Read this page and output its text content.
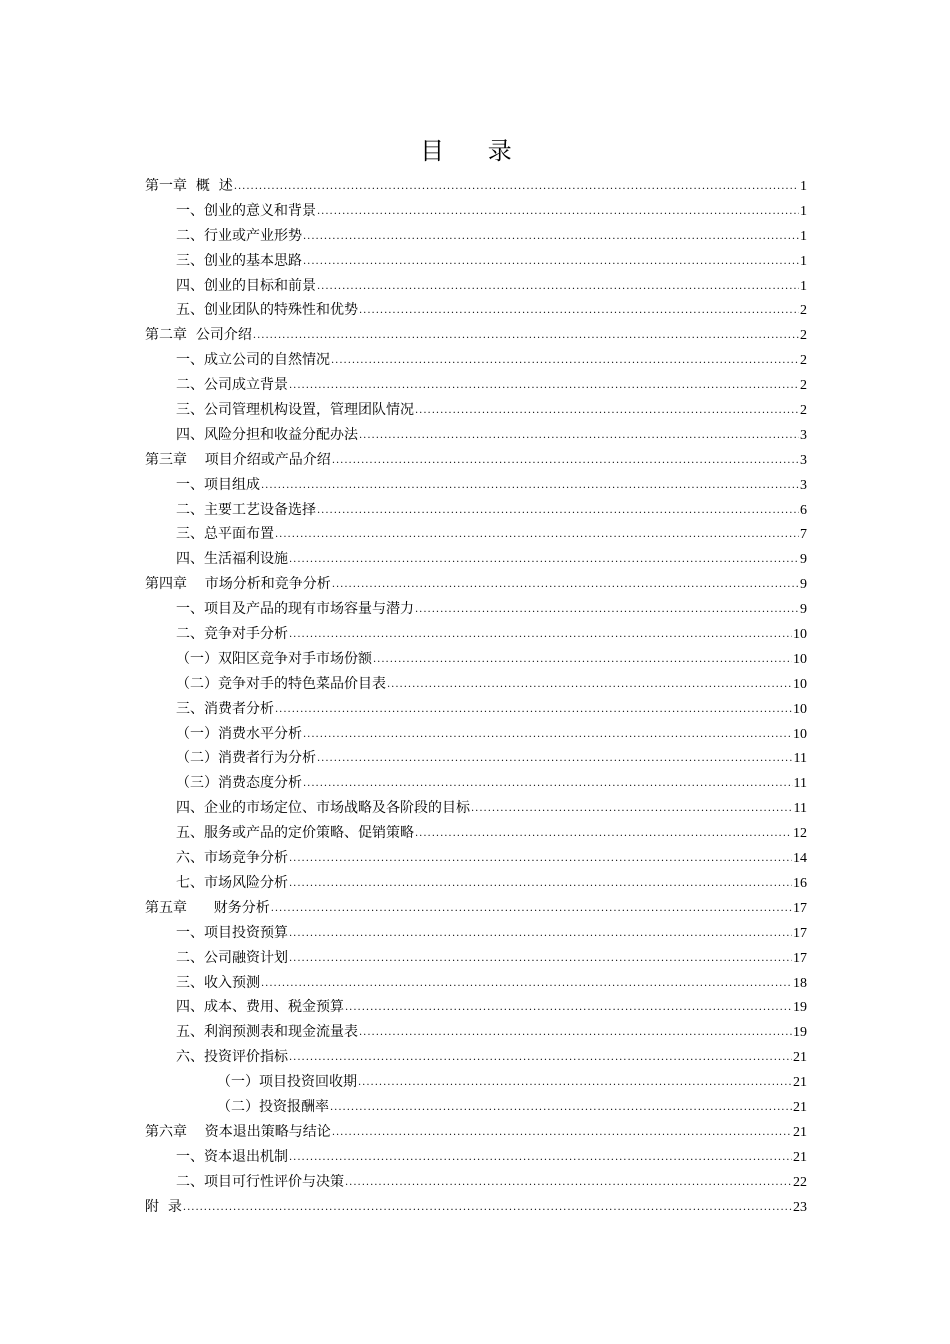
目 录
第一章  概  述 .....	1
一、创业的意义和背景 .....	1
二、行业或产业形势 .....	1
三、创业的基本思路 .....	1
四、创业的目标和前景 .....	1
五、创业团队的特殊性和优势 .....	2
第二章  公司介绍 .....	2
一、成立公司的自然情况 .....	2
二、公司成立背景 .....	2
三、公司管理机构设置，管理团队情况 .....	2
四、风险分担和收益分配办法 .....	3
第三章    项目介绍或产品介绍 .....	3
一、项目组成 .....	3
二、主要工艺设备选择 .....	6
三、总平面布置 .....	7
四、生活福利设施 .....	9
第四章    市场分析和竞争分析 .....	9
一、项目及产品的现有市场容量与潜力 .....	9
二、竞争对手分析 .....	10
（一）双阳区竞争对手市场份额 .....	10
（二）竞争对手的特色菜品价目表 .....	10
三、消费者分析 .....	10
（一）消费水平分析 .....	10
（二）消费者行为分析 .....	11
（三）消费态度分析 .....	11
四、企业的市场定位、市场战略及各阶段的目标 .....	11
五、服务或产品的定价策略、促销策略 .....	12
六、市场竞争分析 .....	14
七、市场风险分析 .....	16
第五章      财务分析 .....	17
一、项目投资预算 .....	17
二、公司融资计划 .....	17
三、收入预测 .....	18
四、成本、费用、税金预算 .....	19
五、利润预测表和现金流量表 .....	19
六、投资评价指标 .....	21
（一）项目投资回收期 .....	21
（二）投资报酬率 .....	21
第六章    资本退出策略与结论 .....	21
一、资本退出机制 .....	21
二、项目可行性评价与决策 .....	22
附  录 .....	23
